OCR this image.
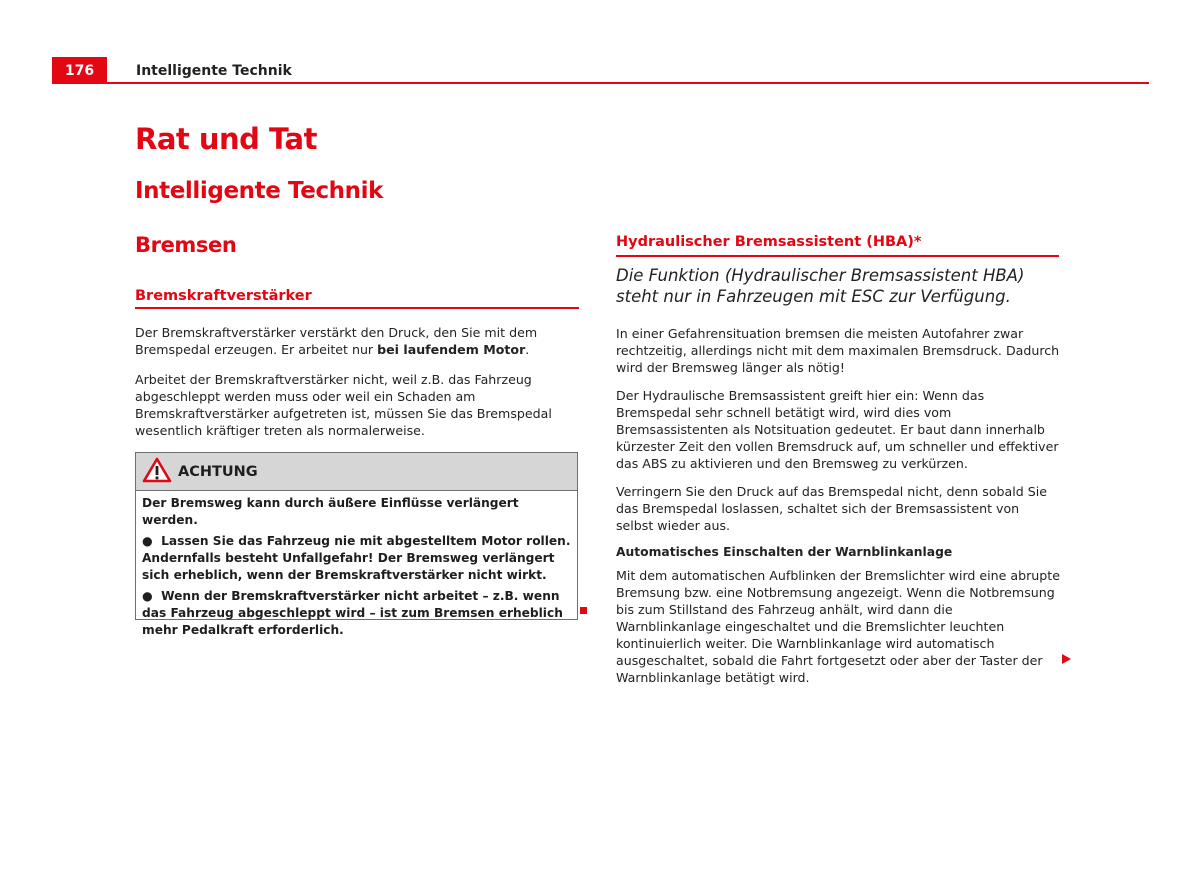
176	Intelligente Technik
Rat und Tat
Intelligente Technik
Bremsen
Bremskraftverstärker

Der Bremskraftverstärker verstärkt den Druck, den Sie mit dem Bremspedal erzeugen. Er arbeitet nur bei laufendem Motor.

Arbeitet der Bremskraftverstärker nicht, weil z.B. das Fahrzeug abgeschleppt werden muss oder weil ein Schaden am Bremskraftverstärker aufgetreten ist, müssen Sie das Bremspedal wesentlich kräftiger treten als normalerweise.

ACHTUNG

Der Bremsweg kann durch äußere Einflüsse verlängert werden.

●  Lassen Sie das Fahrzeug nie mit abgestelltem Motor rollen. Andernfalls besteht Unfallgefahr! Der Bremsweg verlängert sich erheblich, wenn der Bremskraftverstärker nicht wirkt.

●  Wenn der Bremskraftverstärker nicht arbeitet – z.B. wenn das Fahrzeug abgeschleppt wird – ist zum Bremsen erheblich mehr Pedalkraft erforderlich.

Hydraulischer Bremsassistent (HBA)*
Die Funktion (Hydraulischer Bremsassistent HBA) steht nur in Fahrzeugen mit ESC zur Verfügung.

In einer Gefahrensituation bremsen die meisten Autofahrer zwar rechtzeitig, allerdings nicht mit dem maximalen Bremsdruck. Dadurch wird der Bremsweg länger als nötig!

Der Hydraulische Bremsassistent greift hier ein: Wenn das Bremspedal sehr schnell betätigt wird, wird dies vom Bremsassistenten als Notsituation gedeutet. Er baut dann innerhalb kürzester Zeit den vollen Bremsdruck auf, um schneller und effektiver das ABS zu aktivieren und den Bremsweg zu verkürzen.

Verringern Sie den Druck auf das Bremspedal nicht, denn sobald Sie das Bremspedal loslassen, schaltet sich der Bremsassistent von selbst wieder aus.

Automatisches Einschalten der Warnblinkanlage

Mit dem automatischen Aufblinken der Bremslichter wird eine abrupte Bremsung bzw. eine Notbremsung angezeigt. Wenn die Notbremsung bis zum Stillstand des Fahrzeug anhält, wird dann die Warnblinkanlage eingeschaltet und die Bremslichter leuchten kontinuierlich weiter. Die Warnblinkanlage wird automatisch ausgeschaltet, sobald die Fahrt fortgesetzt oder aber der Taster der Warnblinkanlage betätigt wird.
